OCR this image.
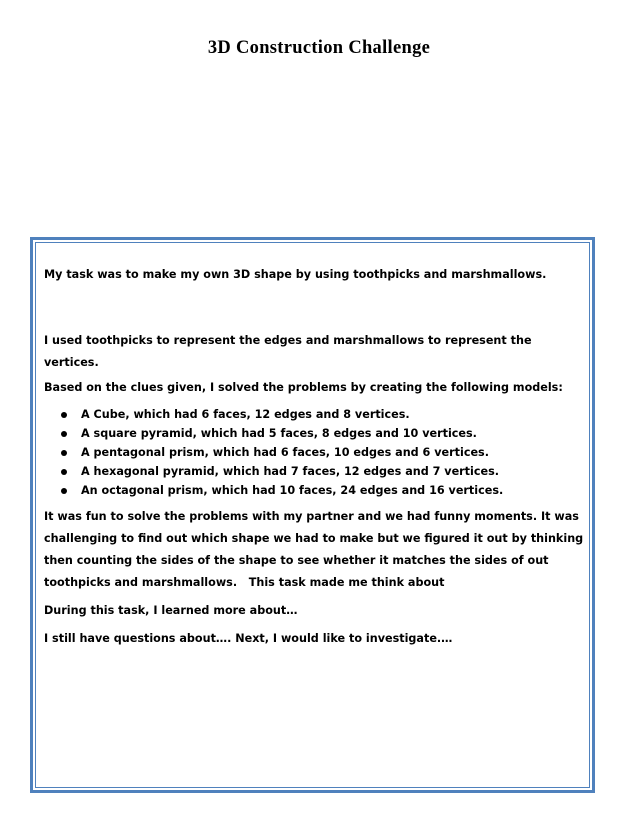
3D Construction Challenge

My task was to make my own 3D shape by using toothpicks and marshmallows.

I used toothpicks to represent the edges and marshmallows to represent the vertices.

Based on the clues given, I solved the problems by creating the following models:

A Cube, which had 6 faces, 12 edges and 8 vertices.
A square pyramid, which had 5 faces, 8 edges and 10 vertices.
A pentagonal prism, which had 6 faces, 10 edges and 6 vertices.
A hexagonal pyramid, which had 7 faces, 12 edges and 7 vertices.
An octagonal prism, which had 10 faces, 24 edges and 16 vertices.

It was fun to solve the problems with my partner and we had funny moments. It was
challenging to find out which shape we had to make but we figured it out by thinking
then counting the sides of the shape to see whether it matches the sides of out
toothpicks and marshmallows.   This task made me think about

During this task, I learned more about…

I still have questions about…. Next, I would like to investigate.…
